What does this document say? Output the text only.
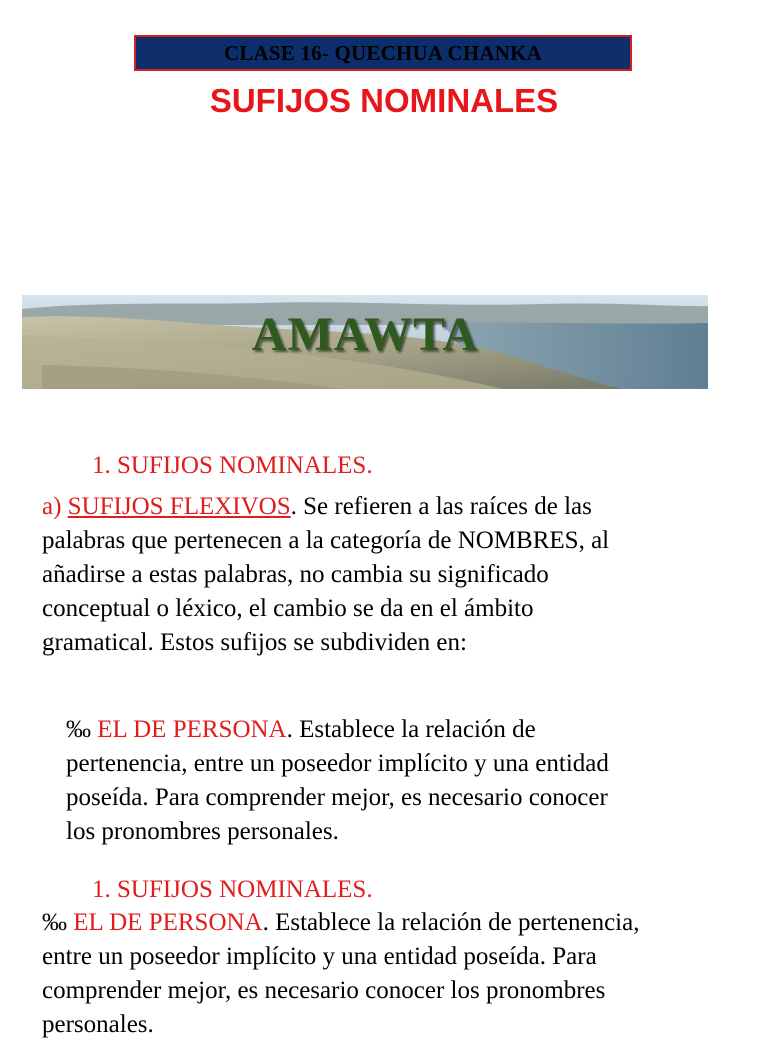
CLASE 16- QUECHUA CHANKA
SUFIJOS NOMINALES
AMAWTA
1. SUFIJOS NOMINALES.
a) SUFIJOS FLEXIVOS. Se refieren a las raíces de las
palabras que pertenecen a la categoría de NOMBRES, al
añadirse a estas palabras, no cambia su significado
conceptual o léxico, el cambio se da en el ámbito
gramatical. Estos sufijos se subdividen en:
‰ EL DE PERSONA. Establece la relación de
pertenencia, entre un poseedor implícito y una entidad
poseída. Para comprender mejor, es necesario conocer
los pronombres personales.
1. SUFIJOS NOMINALES.
‰ EL DE PERSONA. Establece la relación de pertenencia,
entre un poseedor implícito y una entidad poseída. Para
comprender mejor, es necesario conocer los pronombres
personales.
